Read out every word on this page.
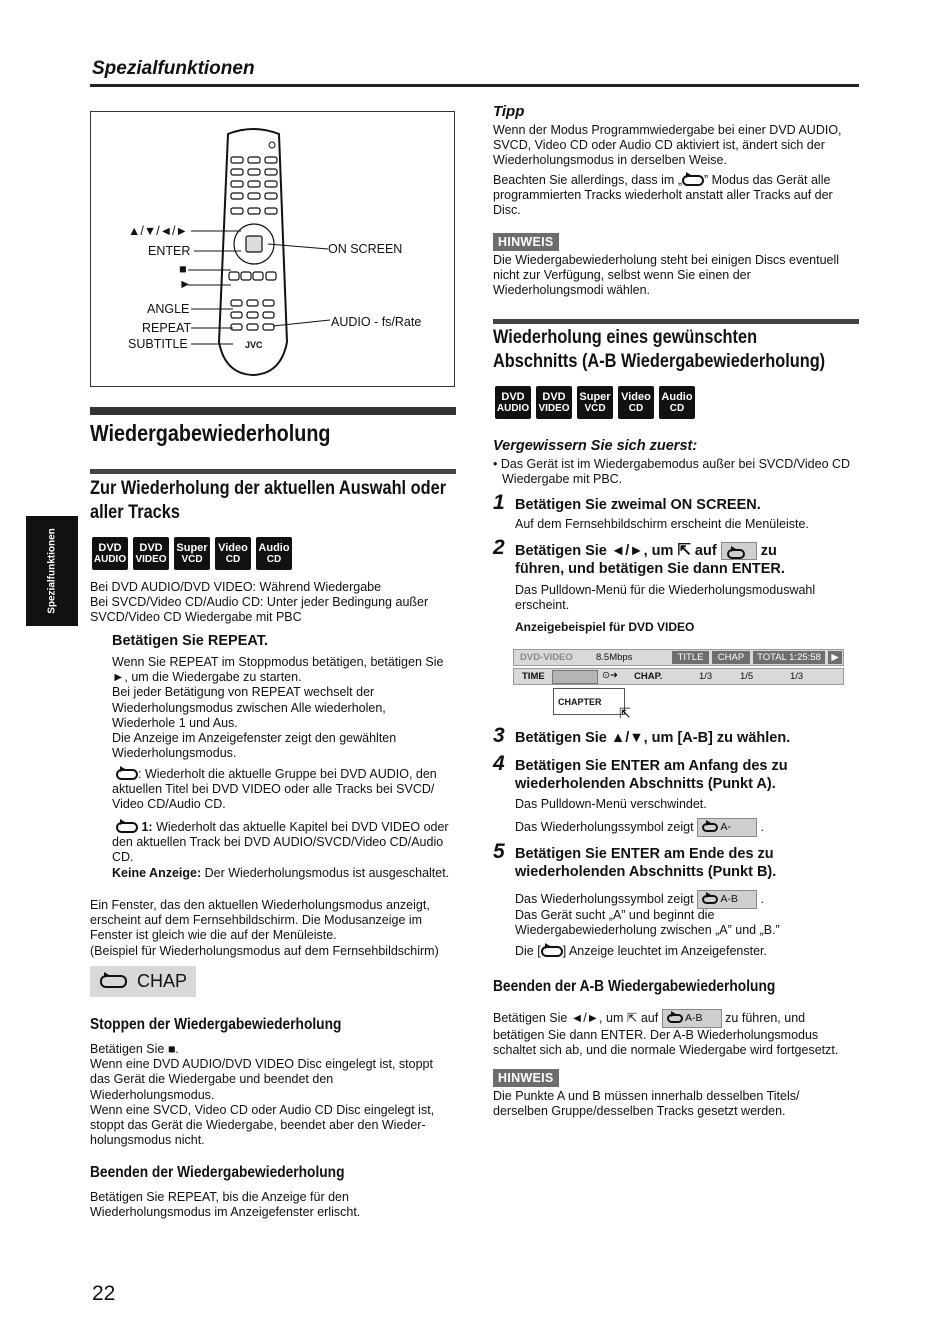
Spezialfunktionen
Spezialfunktionen
▲/▼/◄/►
ENTER
■
►
ANGLE
REPEAT
SUBTITLE
ON SCREEN
AUDIO - fs/Rate
JVC
Wiedergabewiederholung
Zur Wiederholung der aktuellen Auswahl oder aller Tracks
DVD
AUDIO
DVD
VIDEO
Super
VCD
Video
CD
Audio
CD
Bei DVD AUDIO/DVD VIDEO: Während Wiedergabe
Bei SVCD/Video CD/Audio CD: Unter jeder Bedingung außer
SVCD/Video CD Wiedergabe mit PBC
Betätigen Sie REPEAT.
Wenn Sie REPEAT im Stoppmodus betätigen, betätigen Sie
►, um die Wiedergabe zu starten.
Bei jeder Betätigung von REPEAT wechselt der
Wiederholungsmodus zwischen Alle wiederholen,
Wiederhole 1 und Aus.
Die Anzeige im Anzeigefenster zeigt den gewählten
Wiederholungsmodus.
: Wiederholt die aktuelle Gruppe bei DVD AUDIO, den
aktuellen Titel bei DVD VIDEO oder alle Tracks bei SVCD/
Video CD/Audio CD.
1: Wiederholt das aktuelle Kapitel bei DVD VIDEO oder
den aktuellen Track bei DVD AUDIO/SVCD/Video CD/Audio
CD.
Keine Anzeige: Der Wiederholungsmodus ist ausgeschaltet.
Ein Fenster, das den aktuellen Wiederholungsmodus anzeigt,
erscheint auf dem Fernsehbildschirm. Die Modusanzeige im
Fenster ist gleich wie die auf der Menüleiste.
(Beispiel für Wiederholungsmodus auf dem Fernsehbildschirm)
CHAP
Stoppen der Wiedergabewiederholung
Betätigen Sie ■.
Wenn eine DVD AUDIO/DVD VIDEO Disc eingelegt ist, stoppt
das Gerät die Wiedergabe und beendet den
Wiederholungsmodus.
Wenn eine SVCD, Video CD oder Audio CD Disc eingelegt ist,
stoppt das Gerät die Wiedergabe, beendet aber den Wieder-
holungsmodus nicht.
Beenden der Wiedergabewiederholung
Betätigen Sie REPEAT, bis die Anzeige für den
Wiederholungsmodus im Anzeigefenster erlischt.
Tipp
Wenn der Modus Programmwiedergabe bei einer DVD AUDIO,
SVCD, Video CD oder Audio CD aktiviert ist, ändert sich der
Wiederholungsmodus in derselben Weise.
Beachten Sie allerdings, dass im „ ” Modus das Gerät alle
programmierten Tracks wiederholt anstatt aller Tracks auf der
Disc.
HINWEIS
Die Wiedergabewiederholung steht bei einigen Discs eventuell
nicht zur Verfügung, selbst wenn Sie einen der
Wiederholungsmodi wählen.
Wiederholung eines gewünschten
Abschnitts (A-B Wiedergabewiederholung)
DVD
AUDIO
DVD
VIDEO
Super
VCD
Video
CD
Audio
CD
Vergewissern Sie sich zuerst:
• Das Gerät ist im Wiedergabemodus außer bei SVCD/Video CD
Wiedergabe mit PBC.
1 Betätigen Sie zweimal ON SCREEN.
Auf dem Fernsehbildschirm erscheint die Menüleiste.
2 Betätigen Sie ◄/►, um ⇱ auf	zu
führen, und betätigen Sie dann ENTER.
Das Pulldown-Menü für die Wiederholungsmoduswahl
erscheint.
Anzeigebeispiel für DVD VIDEO
DVD-VIDEO 8.5Mbps	TITLE	CHAP	TOTAL 1:25:58	▶
TIME	⊙➜ CHAP.	1/3	1/5	1/3
CHAPTER
⇱
3 Betätigen Sie ▲/▼, um [A-B] zu wählen.
4 Betätigen Sie ENTER am Anfang des zu
wiederholenden Abschnitts (Punkt A).
Das Pulldown-Menü verschwindet.
Das Wiederholungssymbol zeigt	A- .
5 Betätigen Sie ENTER am Ende des zu
wiederholenden Abschnitts (Punkt B).
Das Wiederholungssymbol zeigt	A-B .
Das Gerät sucht „A” und beginnt die
Wiedergabewiederholung zwischen „A” und „B.”
Die [ ] Anzeige leuchtet im Anzeigefenster.
Beenden der A-B Wiedergabewiederholung
Betätigen Sie ◄/►, um ⇱ auf	A-B zu führen, und
betätigen Sie dann ENTER. Der A-B Wiederholungsmodus
schaltet sich ab, und die normale Wiedergabe wird fortgesetzt.
HINWEIS
Die Punkte A und B müssen innerhalb desselben Titels/
derselben Gruppe/desselben Tracks gesetzt werden.
22
